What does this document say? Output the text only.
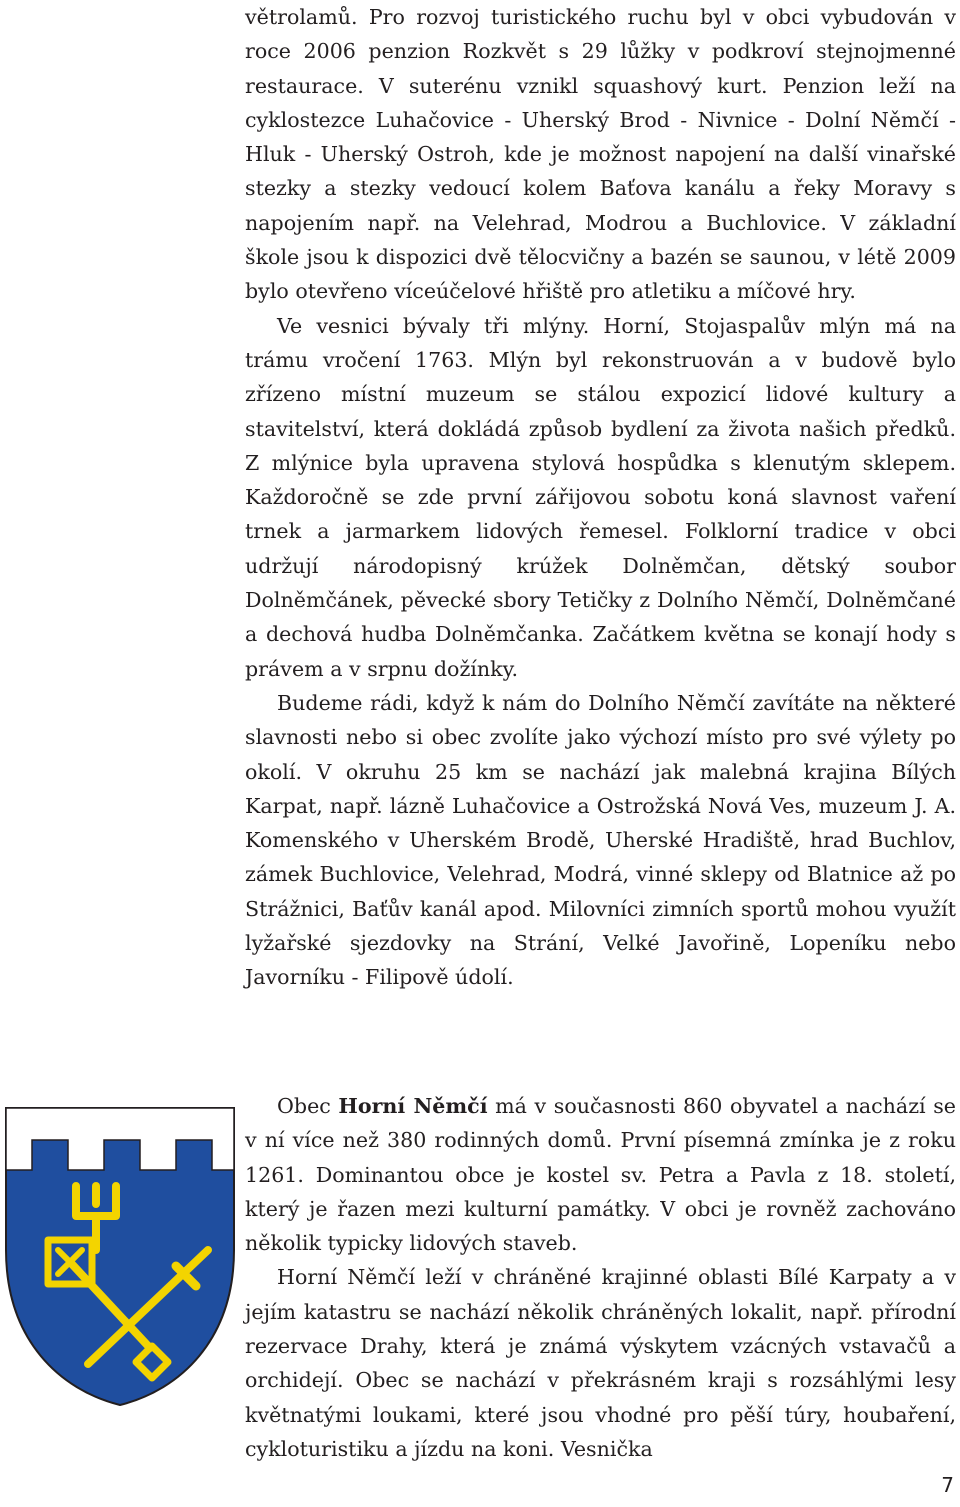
větrolamů. Pro rozvoj turistického ruchu byl v obci vybudován v roce 2006 penzion Rozkvět s 29 lůžky v podkroví stejnojmenné restaurace. V suterénu vznikl squashový kurt. Penzion leží na cyklostezce Luhačovice - Uherský Brod - Nivnice - Dolní Němčí - Hluk - Uherský Ostroh, kde je možnost napojení na další vinařské stezky a stezky vedoucí kolem Baťova kanálu a řeky Moravy s napojením např. na Velehrad, Modrou a Buchlovice. V základní škole jsou k dispozici dvě tělocvičny a bazén se saunou, v létě 2009 bylo otevřeno víceúčelové hřiště pro atletiku a míčové hry.

Ve vesnici bývaly tři mlýny. Horní, Stojaspalův mlýn má na trámu vročení 1763. Mlýn byl rekonstruován a v budově bylo zřízeno místní muzeum se stálou expozicí lidové kultury a stavitelství, která dokládá způsob bydlení za života našich předků. Z mlýnice byla upravena stylová hospůdka s klenutým sklepem. Každoročně se zde první zářijovou sobotu koná slavnost vaření trnek a jarmarkem lidových řemesel. Folklorní tradice v obci udržují národopisný krúžek Dolněmčan, dětský soubor Dolněmčánek, pěvecké sbory Tetičky z Dolního Němčí, Dolněmčané a dechová hudba Dolněmčanka. Začátkem května se konají hody s právem a v srpnu dožínky.

Budeme rádi, když k nám do Dolního Němčí zavítáte na některé slavnosti nebo si obec zvolíte jako výchozí místo pro své výlety po okolí. V okruhu 25 km se nachází jak malebná krajina Bílých Karpat, např. lázně Luhačovice a Ostrožská Nová Ves, muzeum J. A. Komenského v Uherském Brodě, Uherské Hradiště, hrad Buchlov, zámek Buchlovice, Velehrad, Modrá, vinné sklepy od Blatnice až po Strážnici, Baťův kanál apod. Milovníci zimních sportů mohou využít lyžařské sjezdovky na Strání, Velké Javořině, Lopeníku nebo Javorníku - Filipově údolí.

Obec Horní Němčí má v současnosti 860 obyvatel a nachází se v ní více než 380 rodinných domů. První písemná zmínka je z roku 1261. Dominantou obce je kostel sv. Petra a Pavla z 18. století, který je řazen mezi kulturní památky. V obci je rovněž zachováno několik typicky lidových staveb.

Horní Němčí leží v chráněné krajinné oblasti Bílé Karpaty a v jejím katastru se nachází několik chráněných lokalit, např. přírodní rezervace Drahy, která je známá výskytem vzácných vstavačů a orchidejí. Obec se nachází v překrásném kraji s rozsáhlými lesy květnatými loukami, které jsou vhodné pro pěší túry, houbaření, cykloturistiku a jízdu na koni. Vesnička

7
